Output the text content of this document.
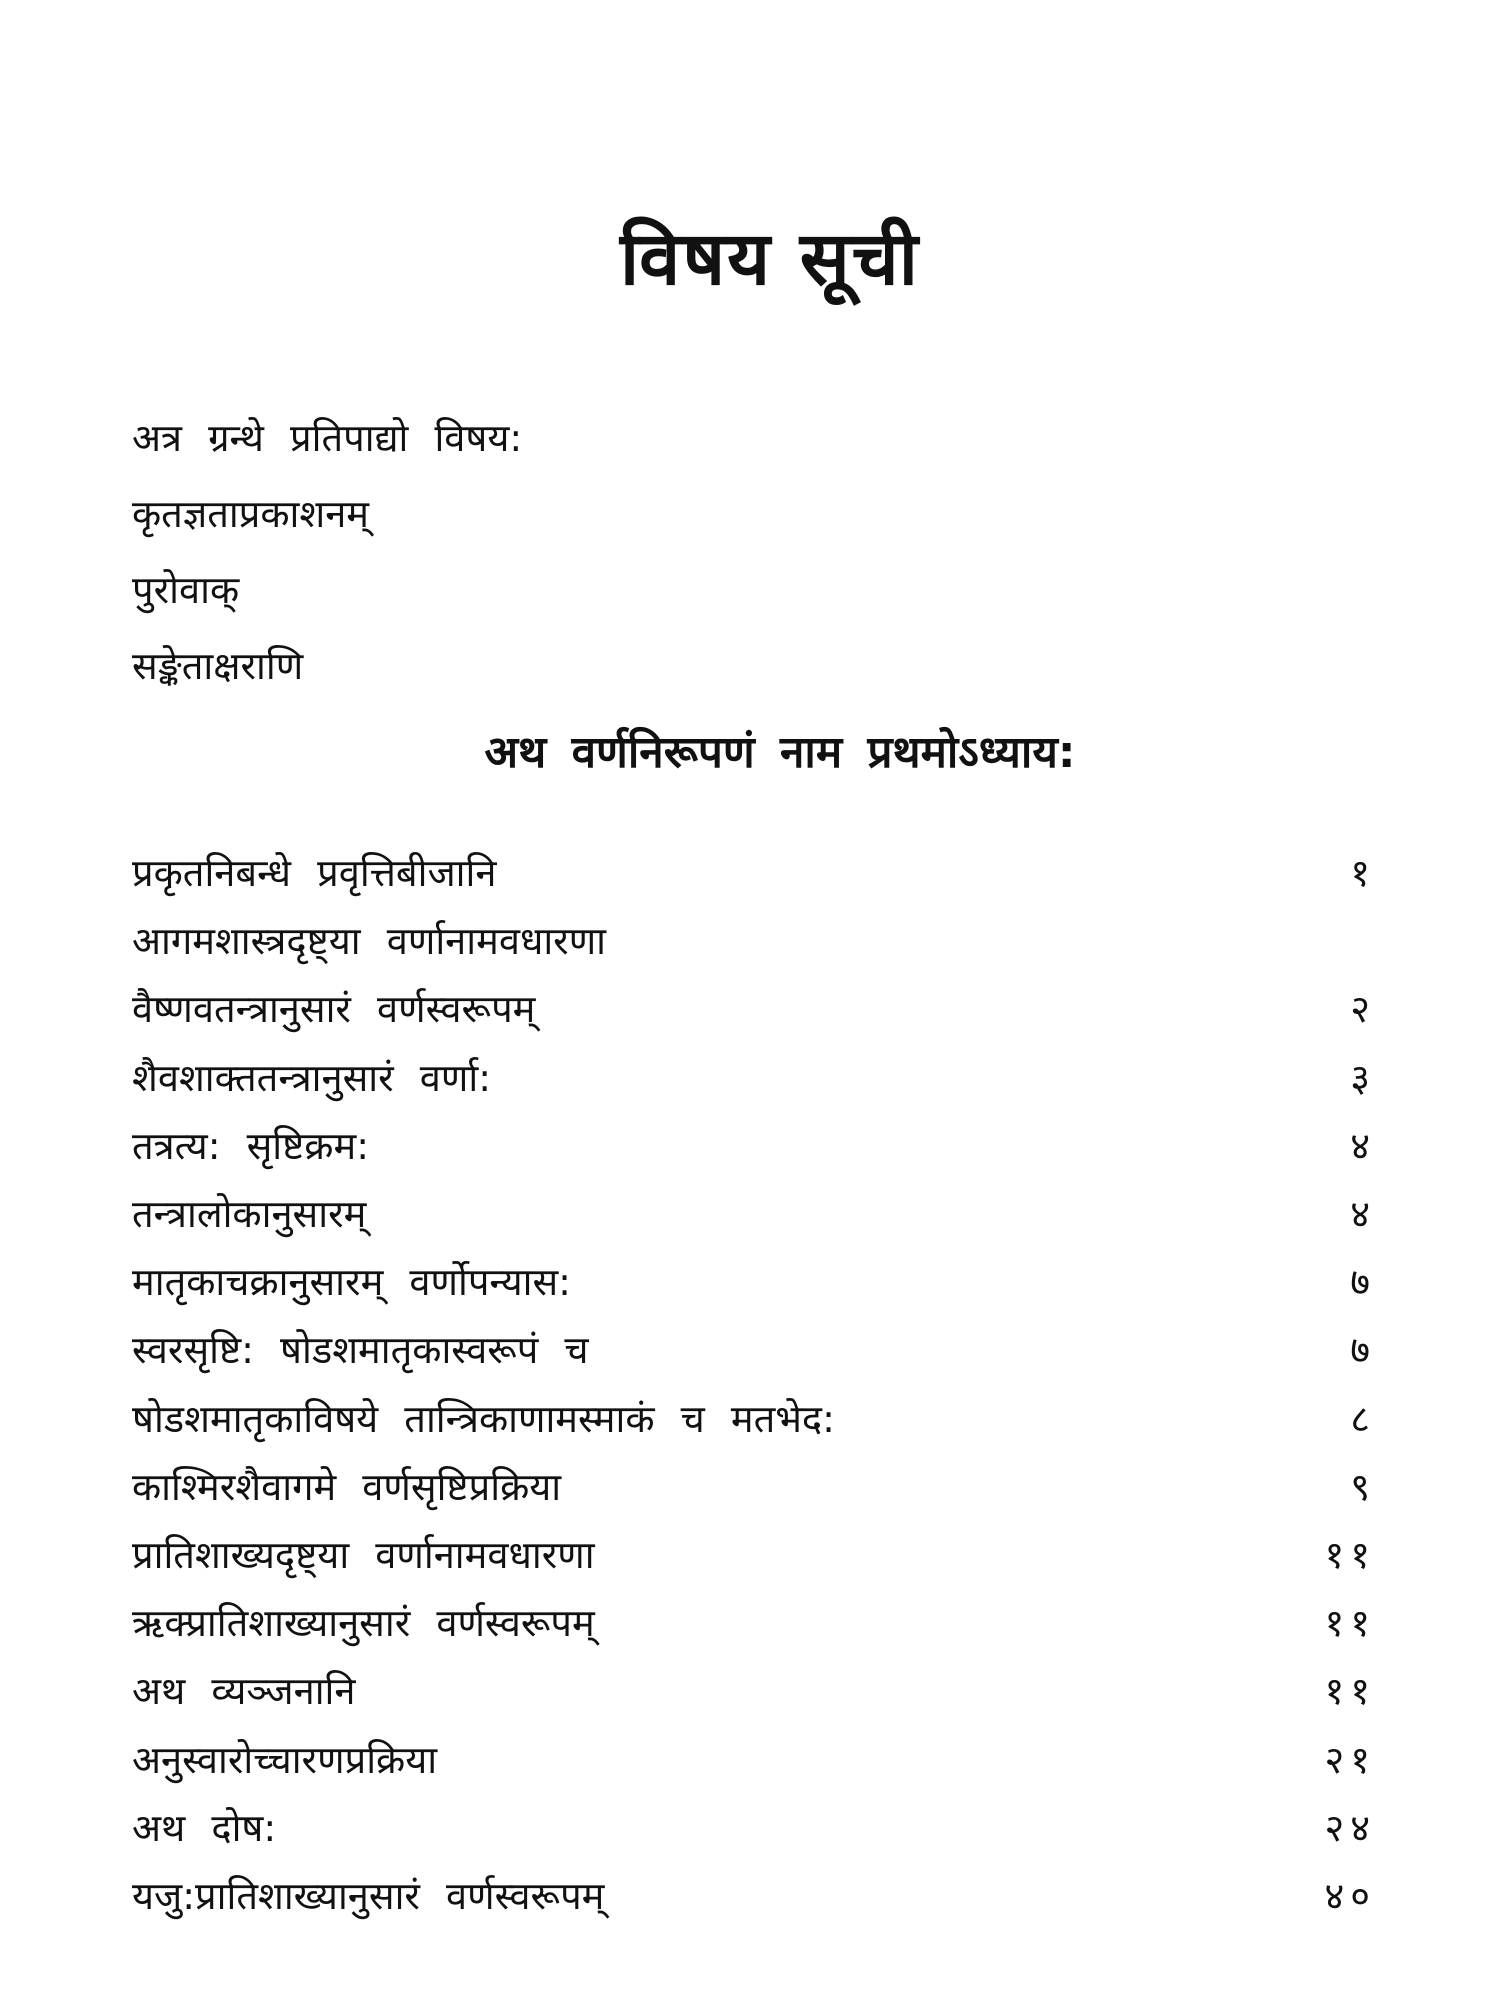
विषय सूची
अत्र ग्रन्थे प्रतिपाद्यो विषय:
कृतज्ञताप्रकाशनम्
पुरोवाक्
सङ्केताक्षराणि
अथ वर्णनिरूपणं नाम प्रथमोऽध्याय:
प्रकृतनिबन्धे प्रवृत्तिबीजानि	१
आगमशास्त्रदृष्ट्या वर्णानामवधारणा
वैष्णवतन्त्रानुसारं वर्णस्वरूपम्	२
शैवशाक्ततन्त्रानुसारं वर्णा:	३
तत्रत्य: सृष्टिक्रम:	४
तन्त्रालोकानुसारम्	४
मातृकाचक्रानुसारम् वर्णोपन्यास:	७
स्वरसृष्टि: षोडशमातृकास्वरूपं च	७
षोडशमातृकाविषये तान्त्रिकाणामस्माकं च मतभेद:	८
काश्मिरशैवागमे वर्णसृष्टिप्रक्रिया	९
प्रातिशाख्यदृष्ट्या वर्णानामवधारणा	११
ऋक्प्रातिशाख्यानुसारं वर्णस्वरूपम्	११
अथ व्यञ्जनानि	११
अनुस्वारोच्चारणप्रक्रिया	२१
अथ दोष:	२४
यजु:प्रातिशाख्यानुसारं वर्णस्वरूपम्	४०
